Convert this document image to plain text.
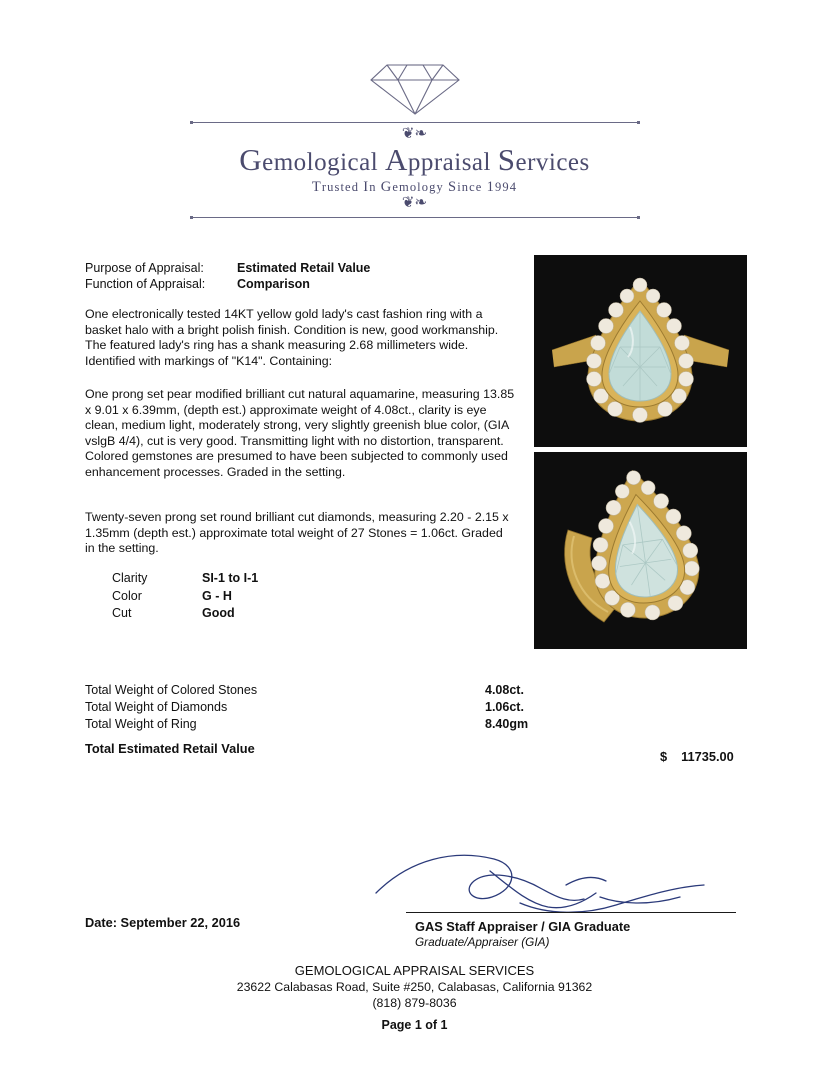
❦❧
Gemological Appraisal Services
Trusted In Gemology Since 1994
❦❧
Purpose of Appraisal:	Estimated Retail Value
Function of Appraisal:	Comparison
One electronically tested 14KT yellow gold lady's cast fashion ring with a basket halo with a bright polish finish. Condition is new, good workmanship. The featured lady's ring has a shank measuring 2.68 millimeters wide. Identified with markings of "K14". Containing:
One prong set pear modified brilliant cut natural aquamarine, measuring 13.85 x 9.01 x 6.39mm, (depth est.) approximate weight of 4.08ct., clarity is eye clean, medium light, moderately strong, very slightly greenish blue color, (GIA vslgB 4/4), cut is very good. Transmitting light with no distortion, transparent. Colored gemstones are presumed to have been subjected to commonly used enhancement processes. Graded in the setting.
Twenty-seven prong set round brilliant cut diamonds, measuring 2.20 - 2.15 x 1.35mm (depth est.) approximate total weight of 27 Stones = 1.06ct. Graded in the setting.
Clarity	SI-1 to I-1
Color	G - H
Cut	Good
Total Weight of Colored Stones	4.08ct.
Total Weight of Diamonds	1.06ct.
Total Weight of Ring	8.40gm
Total Estimated Retail Value
$ 11735.00
Date: September 22, 2016	GAS Staff Appraiser / GIA Graduate
Graduate/Appraiser (GIA)
GEMOLOGICAL APPRAISAL SERVICES
23622 Calabasas Road, Suite #250, Calabasas, California 91362
(818) 879-8036
Page 1 of 1
